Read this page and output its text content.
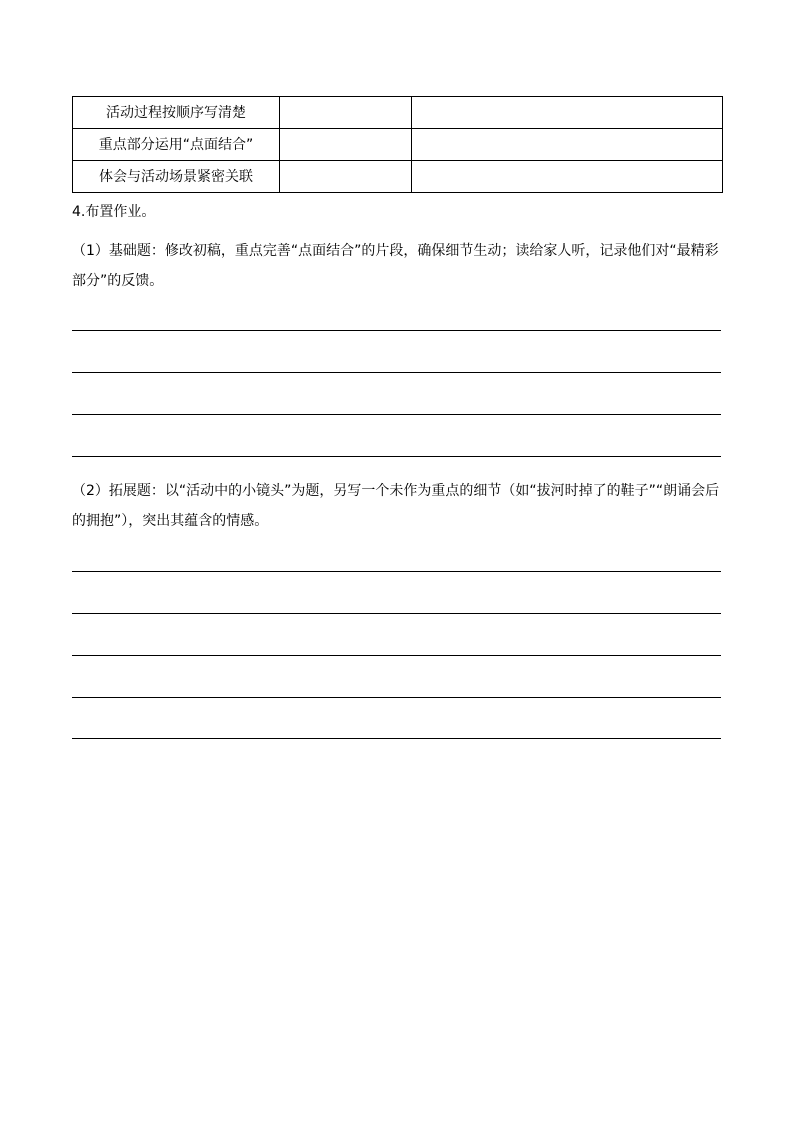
活动过程按顺序写清楚		
重点部分运用“点面结合”		
体会与活动场景紧密关联		
4.布置作业。
（1）基础题：修改初稿，重点完善“点面结合”的片段，确保细节生动；读给家人听，记录他们对“最精彩部分”的反馈。
（2）拓展题：以“活动中的小镜头”为题，另写一个未作为重点的细节（如“拔河时掉了的鞋子”“朗诵会后的拥抱”），突出其蕴含的情感。
